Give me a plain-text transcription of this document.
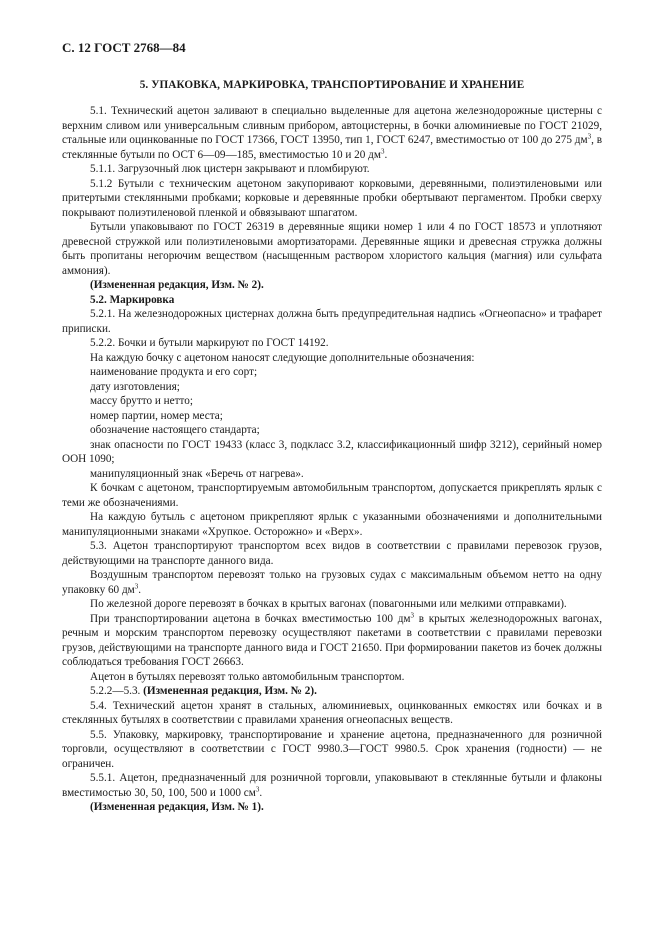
С. 12 ГОСТ 2768—84
5. УПАКОВКА, МАРКИРОВКА, ТРАНСПОРТИРОВАНИЕ И ХРАНЕНИЕ

5.1. Технический ацетон заливают в специально выделенные для ацетона железнодорожные цистерны с верхним сливом или универсальным сливным прибором, автоцистерны, в бочки алюминиевые по ГОСТ 21029, стальные или оцинкованные по ГОСТ 17366, ГОСТ 13950, тип 1, ГОСТ 6247, вместимостью от 100 до 275 $дм^3$, в стеклянные бутыли по ОСТ 6—09—185, вместимостью 10 и 20 $дм^3$.

5.1.1. Загрузочный люк цистерн закрывают и пломбируют.

5.1.2 Бутыли с техническим ацетоном закупоривают корковыми, деревянными, полиэтиленовыми или притертыми стеклянными пробками; корковые и деревянные пробки обертывают пергаментом. Пробки сверху покрывают полиэтиленовой пленкой и обвязывают шпагатом.

Бутыли упаковывают по ГОСТ 26319 в деревянные ящики номер 1 или 4 по ГОСТ 18573 и уплотняют древесной стружкой или полиэтиленовыми амортизаторами. Деревянные ящики и древесная стружка должны быть пропитаны негорючим веществом (насыщенным раствором хлористого кальция (магния) или сульфата аммония).

(Измененная редакция, Изм. № 2).

5.2. Маркировка

5.2.1. На железнодорожных цистернах должна быть предупредительная надпись «Огнеопасно» и трафарет приписки.

5.2.2. Бочки и бутыли маркируют по ГОСТ 14192.

На каждую бочку с ацетоном наносят следующие дополнительные обозначения:

наименование продукта и его сорт;

дату изготовления;

массу брутто и нетто;

номер партии, номер места;

обозначение настоящего стандарта;

знак опасности по ГОСТ 19433 (класс 3, подкласс 3.2, классификационный шифр 3212), серийный номер ООН 1090;

манипуляционный знак «Беречь от нагрева».

К бочкам с ацетоном, транспортируемым автомобильным транспортом, допускается прикреплять ярлык с теми же обозначениями.

На каждую бутыль с ацетоном прикрепляют ярлык с указанными обозначениями и дополнительными манипуляционными знаками «Хрупкое. Осторожно» и «Верх».

5.3. Ацетон транспортируют транспортом всех видов в соответствии с правилами перевозок грузов, действующими на транспорте данного вида.

Воздушным транспортом перевозят только на грузовых судах с максимальным объемом нетто на одну упаковку 60 $дм^3$.

По железной дороге перевозят в бочках в крытых вагонах (повагонными или мелкими отправками).

При транспортировании ацетона в бочках вместимостью 100 $дм^3$ в крытых железнодорожных вагонах, речным и морским транспортом перевозку осуществляют пакетами в соответствии с правилами перевозки грузов, действующими на транспорте данного вида и ГОСТ 21650. При формировании пакетов из бочек должны соблюдаться требования ГОСТ 26663.

Ацетон в бутылях перевозят только автомобильным транспортом.

5.2.2—5.3. (Измененная редакция, Изм. № 2).

5.4. Технический ацетон хранят в стальных, алюминиевых, оцинкованных емкостях или бочках и в стеклянных бутылях в соответствии с правилами хранения огнеопасных веществ.

5.5. Упаковку, маркировку, транспортирование и хранение ацетона, предназначенного для розничной торговли, осуществляют в соответствии с ГОСТ 9980.3—ГОСТ 9980.5. Срок хранения (годности) — не ограничен.

5.5.1. Ацетон, предназначенный для розничной торговли, упаковывают в стеклянные бутыли и флаконы вместимостью 30, 50, 100, 500 и 1000 $см^3$.

(Измененная редакция, Изм. № 1).
